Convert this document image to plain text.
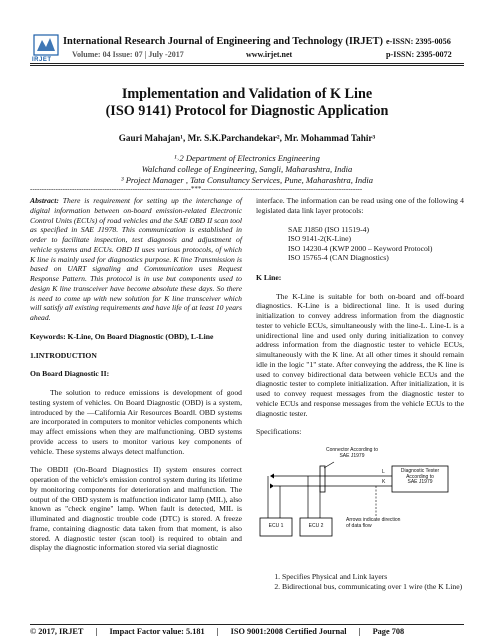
IRJET
International Research Journal of Engineering and Technology (IRJET) e-ISSN: 2395-0056
Volume: 04 Issue: 07 | July -2017	www.irjet.net	p-ISSN: 2395-0072
Implementation and Validation of K Line
(ISO 9141) Protocol for Diagnostic Application
Gauri Mahajan¹, Mr. S.K.Parchandekar², Mr. Mohammad Tahir³
¹˒2 Department of Electronics Engineering
Walchand college of Engineering, Sangli, Maharashtra, India
³ Project Manager , Tata Consultancy Services, Pune, Maharashtra, India
---------------------------------------------------------------------***---------------------------------------------------------------------

Abstract: There is requirement for setting up the interchange of digital information between on-board emission-related Electronic Control Units (ECUs) of road vehicles and the SAE OBD II scan tool as specified in SAE J1978. This communication is established in order to facilitate inspection, test diagnosis and adjustment of vehicle systems and ECUs. OBD II uses various protocols, of which K line is mainly used for diagnostics purpose. K line Transmission is based on UART signaling and Communication uses Request Response Pattern. This protocol is in use but components used to design K line transceiver have become absolute these days. So there is need to come up with new solution for K line transceiver which will satisfy all existing requirements and have life of at least 10 years ahead.

Keywords: K-Line, On Board Diagnostic (OBD), L-Line

1.INTRODUCTION

On Board Diagnostic II:

The solution to reduce emissions is development of good testing system of vehicles. On Board Diagnostic (OBD) is a system, introduced by the —California Air Resources Board‖. OBD systems are incorporated in computers to monitor vehicles components which may affect emissions when they are malfunctioning. OBD systems provide access to users to monitor various key components of vehicle. These systems always detect malfunction.

The OBDII (On-Board Diagnostics II) system ensures correct operation of the vehicle's emission control system during its lifetime by monitoring components for deterioration and malfunction. The output of the OBD system is malfunction indicator lamp (MIL), also known as "check engine" lamp. When fault is detected, MIL is illuminated and diagnostic trouble code (DTC) is stored. A freeze frame, containing diagnostic data taken from that moment, is also stored. A diagnostic tester (scan tool) is required to obtain and display the diagnostic information stored via serial diagnostic

interface. The information can be read using one of the following 4 legislated data link layer protocols:

SAE J1850 (ISO 11519-4)
ISO 9141-2(K-Line)
ISO 14230-4 (KWP 2000 – Keyword Protocol)
ISO 15765-4 (CAN Diagnostics)

K Line:

The K-Line is suitable for both on-board and off-board diagnostics. K-Line is a bidirectional line. It is used during initialization to convey address information from the diagnostic tester to vehicle ECUs, simultaneously with the line-L. Line-L is a unidirectional line and used only during initialization to convey address information from the diagnostic tester to vehicle ECUs, simultaneously with the K line. At all other times it should remain idle in the logic "1" state. After conveying the address, the K line is used to convey bidirectional data between vehicle ECUs and the diagnostic tester to complete initialization. After initialization, it is used to convey request messages from the diagnostic tester to vehicle ECUs and response messages from the vehicle ECUs to the diagnostic tester.

Specifications:

Connector According to
SAE J1979
Diagnostic Tester
According to
SAE J1979
L
K
ECU 1	ECU 2
Arrows indicate direction
of data flow
1. Specifies Physical and Link layers
2. Bidirectional bus, communicating over 1 wire (the K Line)
© 2017, IRJET | Impact Factor value: 5.181 | ISO 9001:2008 Certified Journal | Page 708
